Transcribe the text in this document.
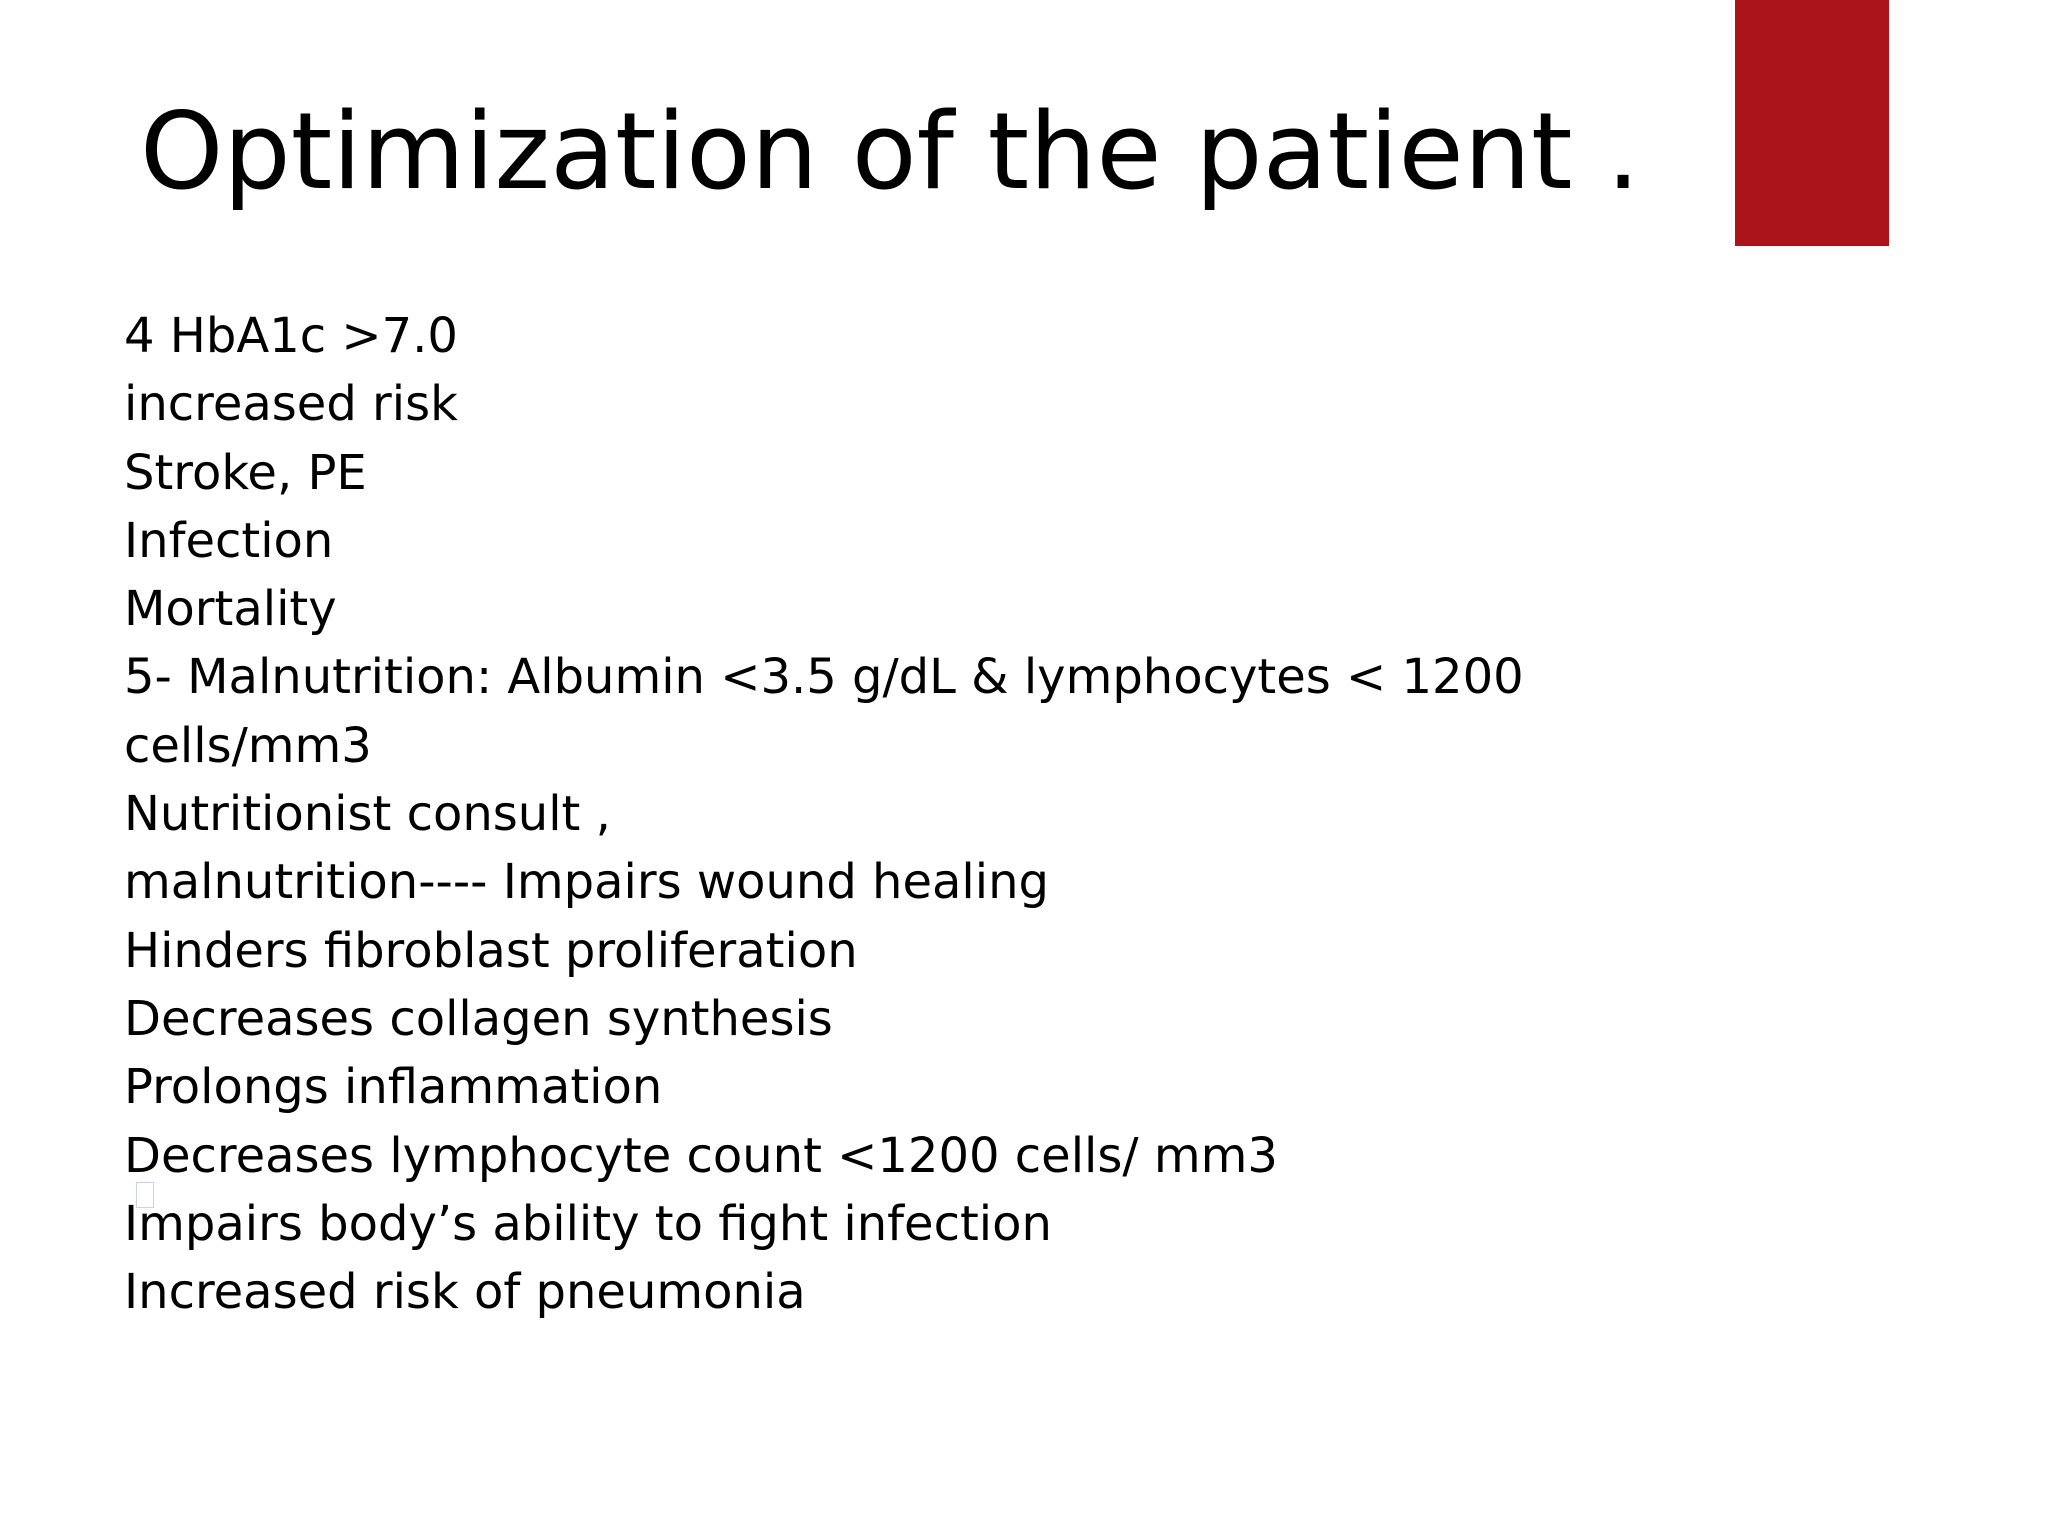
Optimization of the patient .
4 HbA1c >7.0
increased risk
Stroke, PE
Infection
Mortality
5- Malnutrition: Albumin <3.5 g/dL & lymphocytes < 1200
cells/mm3
Nutritionist consult ,
malnutrition---- Impairs wound healing
Hinders fibroblast proliferation
Decreases collagen synthesis
Prolongs inflammation
Decreases lymphocyte count <1200 cells/ mm3
Impairs body’s ability to fight infection
Increased risk of pneumonia
